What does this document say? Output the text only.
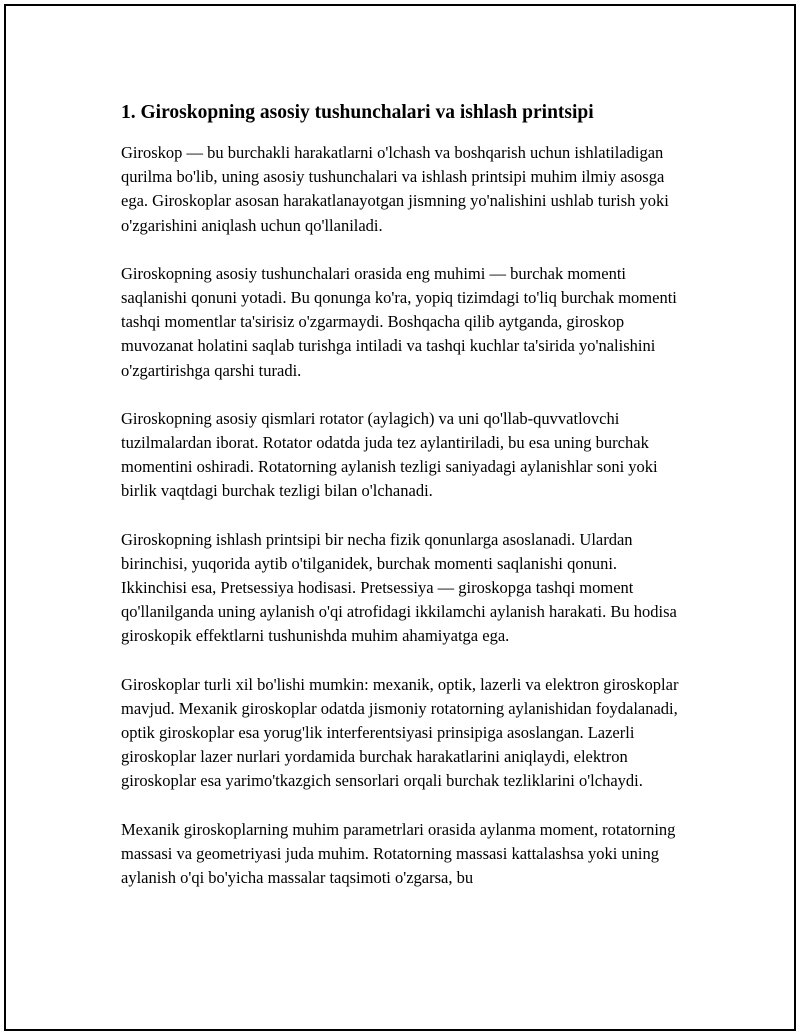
1. Giroskopning asosiy tushunchalari va ishlash printsipi

Giroskop — bu burchakli harakatlarni o'lchash va boshqarish uchun ishlatiladigan qurilma bo'lib, uning asosiy tushunchalari va ishlash printsipi muhim ilmiy asosga ega. Giroskoplar asosan harakatlanayotgan jismning yo'nalishini ushlab turish yoki o'zgarishini aniqlash uchun qo'llaniladi.

Giroskopning asosiy tushunchalari orasida eng muhimi — burchak momenti saqlanishi qonuni yotadi. Bu qonunga ko'ra, yopiq tizimdagi to'liq burchak momenti tashqi momentlar ta'sirisiz o'zgarmaydi. Boshqacha qilib aytganda, giroskop muvozanat holatini saqlab turishga intiladi va tashqi kuchlar ta'sirida yo'nalishini o'zgartirishga qarshi turadi.

Giroskopning asosiy qismlari rotator (aylagich) va uni qo'llab-quvvatlovchi tuzilmalardan iborat. Rotator odatda juda tez aylantiriladi, bu esa uning burchak momentini oshiradi. Rotatorning aylanish tezligi saniyadagi aylanishlar soni yoki birlik vaqtdagi burchak tezligi bilan o'lchanadi.

Giroskopning ishlash printsipi bir necha fizik qonunlarga asoslanadi. Ulardan birinchisi, yuqorida aytib o'tilganidek, burchak momenti saqlanishi qonuni. Ikkinchisi esa, Pretsessiya hodisasi. Pretsessiya — giroskopga tashqi moment qo'llanilganda uning aylanish o'qi atrofidagi ikkilamchi aylanish harakati. Bu hodisa giroskopik effektlarni tushunishda muhim ahamiyatga ega.

Giroskoplar turli xil bo'lishi mumkin: mexanik, optik, lazerli va elektron giroskoplar mavjud. Mexanik giroskoplar odatda jismoniy rotatorning aylanishidan foydalanadi, optik giroskoplar esa yorug'lik interferentsiyasi prinsipiga asoslangan. Lazerli giroskoplar lazer nurlari yordamida burchak harakatlarini aniqlaydi, elektron giroskoplar esa yarimo'tkazgich sensorlari orqali burchak tezliklarini o'lchaydi.

Mexanik giroskoplarning muhim parametrlari orasida aylanma moment, rotatorning massasi va geometriyasi juda muhim. Rotatorning massasi kattalashsa yoki uning aylanish o'qi bo'yicha massalar taqsimoti o'zgarsa, bu
